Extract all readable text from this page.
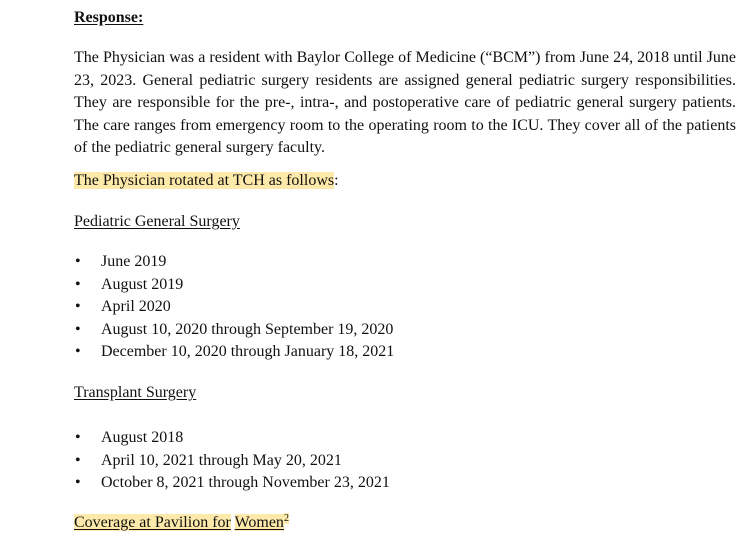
Response:

The Physician was a resident with Baylor College of Medicine (“BCM”) from June 24, 2018 until June 23, 2023. General pediatric surgery residents are assigned general pediatric surgery responsibilities. They are responsible for the pre-, intra-, and postoperative care of pediatric general surgery patients. The care ranges from emergency room to the operating room to the ICU. They cover all of the patients of the pediatric general surgery faculty.

The Physician rotated at TCH as follows:

Pediatric General Surgery

• June 2019
• August 2019
• April 2020
• August 10, 2020 through September 19, 2020
• December 10, 2020 through January 18, 2021

Transplant Surgery

• August 2018
• April 10, 2021 through May 20, 2021
• October 8, 2021 through November 23, 2021

Coverage at Pavilion for Women$^2$
